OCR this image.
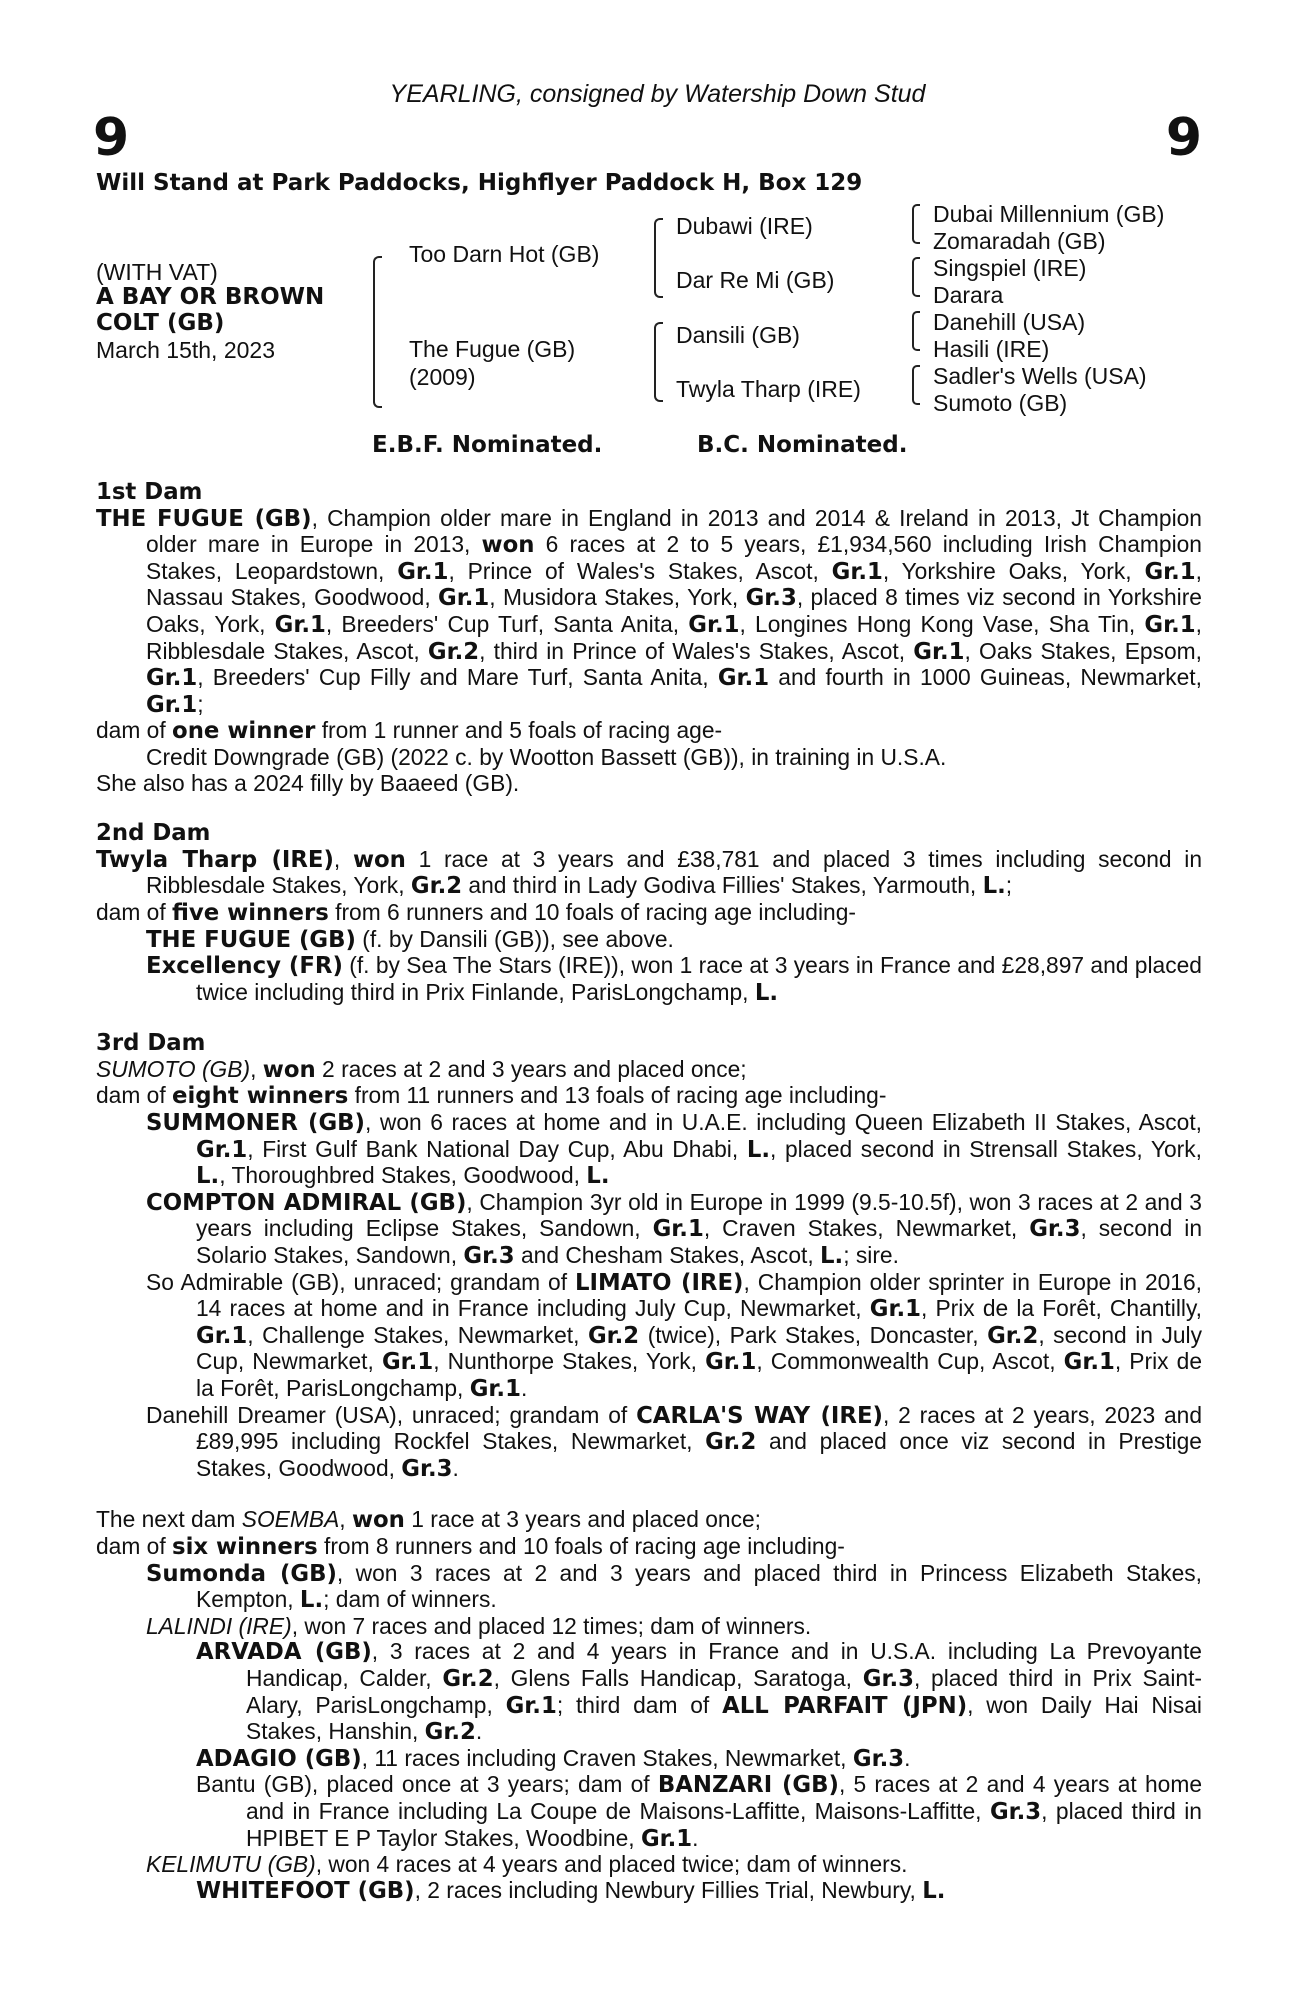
YEARLING, consigned by Watership Down Stud
9	9
Will Stand at Park Paddocks, Highflyer Paddock H, Box 129
(WITH VAT)
A BAY OR BROWN
COLT (GB)
March 15th, 2023
Too Darn Hot (GB)
The Fugue (GB)
(2009)
Dubawi (IRE)
Dar Re Mi (GB)
Dansili (GB)
Twyla Tharp (IRE)
Dubai Millennium (GB)
Zomaradah (GB)
Singspiel (IRE)
Darara
Danehill (USA)
Hasili (IRE)
Sadler's Wells (USA)
Sumoto (GB)
E.B.F. Nominated.	B.C. Nominated.
1st Dam
THE FUGUE (GB), Champion older mare in England in 2013 and 2014 & Ireland in 2013, Jt Champion older mare in Europe in 2013, won 6 races at 2 to 5 years, £1,934,560 including Irish Champion Stakes, Leopardstown, Gr.1, Prince of Wales's Stakes, Ascot, Gr.1, Yorkshire Oaks, York, Gr.1, Nassau Stakes, Goodwood, Gr.1, Musidora Stakes, York, Gr.3, placed 8 times viz second in Yorkshire Oaks, York, Gr.1, Breeders' Cup Turf, Santa Anita, Gr.1, Longines Hong Kong Vase, Sha Tin, Gr.1, Ribblesdale Stakes, Ascot, Gr.2, third in Prince of Wales's Stakes, Ascot, Gr.1, Oaks Stakes, Epsom, Gr.1, Breeders' Cup Filly and Mare Turf, Santa Anita, Gr.1 and fourth in 1000 Guineas, Newmarket, Gr.1;
dam of one winner from 1 runner and 5 foals of racing age-
Credit Downgrade (GB) (2022 c. by Wootton Bassett (GB)), in training in U.S.A.
She also has a 2024 filly by Baaeed (GB).
2nd Dam
Twyla Tharp (IRE), won 1 race at 3 years and £38,781 and placed 3 times including second in Ribblesdale Stakes, York, Gr.2 and third in Lady Godiva Fillies' Stakes, Yarmouth, L.;
dam of five winners from 6 runners and 10 foals of racing age including-
THE FUGUE (GB) (f. by Dansili (GB)), see above.
Excellency (FR) (f. by Sea The Stars (IRE)), won 1 race at 3 years in France and £28,897 and placed twice including third in Prix Finlande, ParisLongchamp, L.
3rd Dam
SUMOTO (GB), won 2 races at 2 and 3 years and placed once;
dam of eight winners from 11 runners and 13 foals of racing age including-
SUMMONER (GB), won 6 races at home and in U.A.E. including Queen Elizabeth II Stakes, Ascot, Gr.1, First Gulf Bank National Day Cup, Abu Dhabi, L., placed second in Strensall Stakes, York, L., Thoroughbred Stakes, Goodwood, L.
COMPTON ADMIRAL (GB), Champion 3yr old in Europe in 1999 (9.5-10.5f), won 3 races at 2 and 3 years including Eclipse Stakes, Sandown, Gr.1, Craven Stakes, Newmarket, Gr.3, second in Solario Stakes, Sandown, Gr.3 and Chesham Stakes, Ascot, L.; sire.
So Admirable (GB), unraced; grandam of LIMATO (IRE), Champion older sprinter in Europe in 2016, 14 races at home and in France including July Cup, Newmarket, Gr.1, Prix de la Forêt, Chantilly, Gr.1, Challenge Stakes, Newmarket, Gr.2 (twice), Park Stakes, Doncaster, Gr.2, second in July Cup, Newmarket, Gr.1, Nunthorpe Stakes, York, Gr.1, Commonwealth Cup, Ascot, Gr.1, Prix de la Forêt, ParisLongchamp, Gr.1.
Danehill Dreamer (USA), unraced; grandam of CARLA'S WAY (IRE), 2 races at 2 years, 2023 and £89,995 including Rockfel Stakes, Newmarket, Gr.2 and placed once viz second in Prestige Stakes, Goodwood, Gr.3.
The next dam SOEMBA, won 1 race at 3 years and placed once;
dam of six winners from 8 runners and 10 foals of racing age including-
Sumonda (GB), won 3 races at 2 and 3 years and placed third in Princess Elizabeth Stakes, Kempton, L.; dam of winners.
LALINDI (IRE), won 7 races and placed 12 times; dam of winners.
ARVADA (GB), 3 races at 2 and 4 years in France and in U.S.A. including La Prevoyante Handicap, Calder, Gr.2, Glens Falls Handicap, Saratoga, Gr.3, placed third in Prix Saint-Alary, ParisLongchamp, Gr.1; third dam of ALL PARFAIT (JPN), won Daily Hai Nisai Stakes, Hanshin, Gr.2.
ADAGIO (GB), 11 races including Craven Stakes, Newmarket, Gr.3.
Bantu (GB), placed once at 3 years; dam of BANZARI (GB), 5 races at 2 and 4 years at home and in France including La Coupe de Maisons-Laffitte, Maisons-Laffitte, Gr.3, placed third in HPIBET E P Taylor Stakes, Woodbine, Gr.1.
KELIMUTU (GB), won 4 races at 4 years and placed twice; dam of winners.
WHITEFOOT (GB), 2 races including Newbury Fillies Trial, Newbury, L.
